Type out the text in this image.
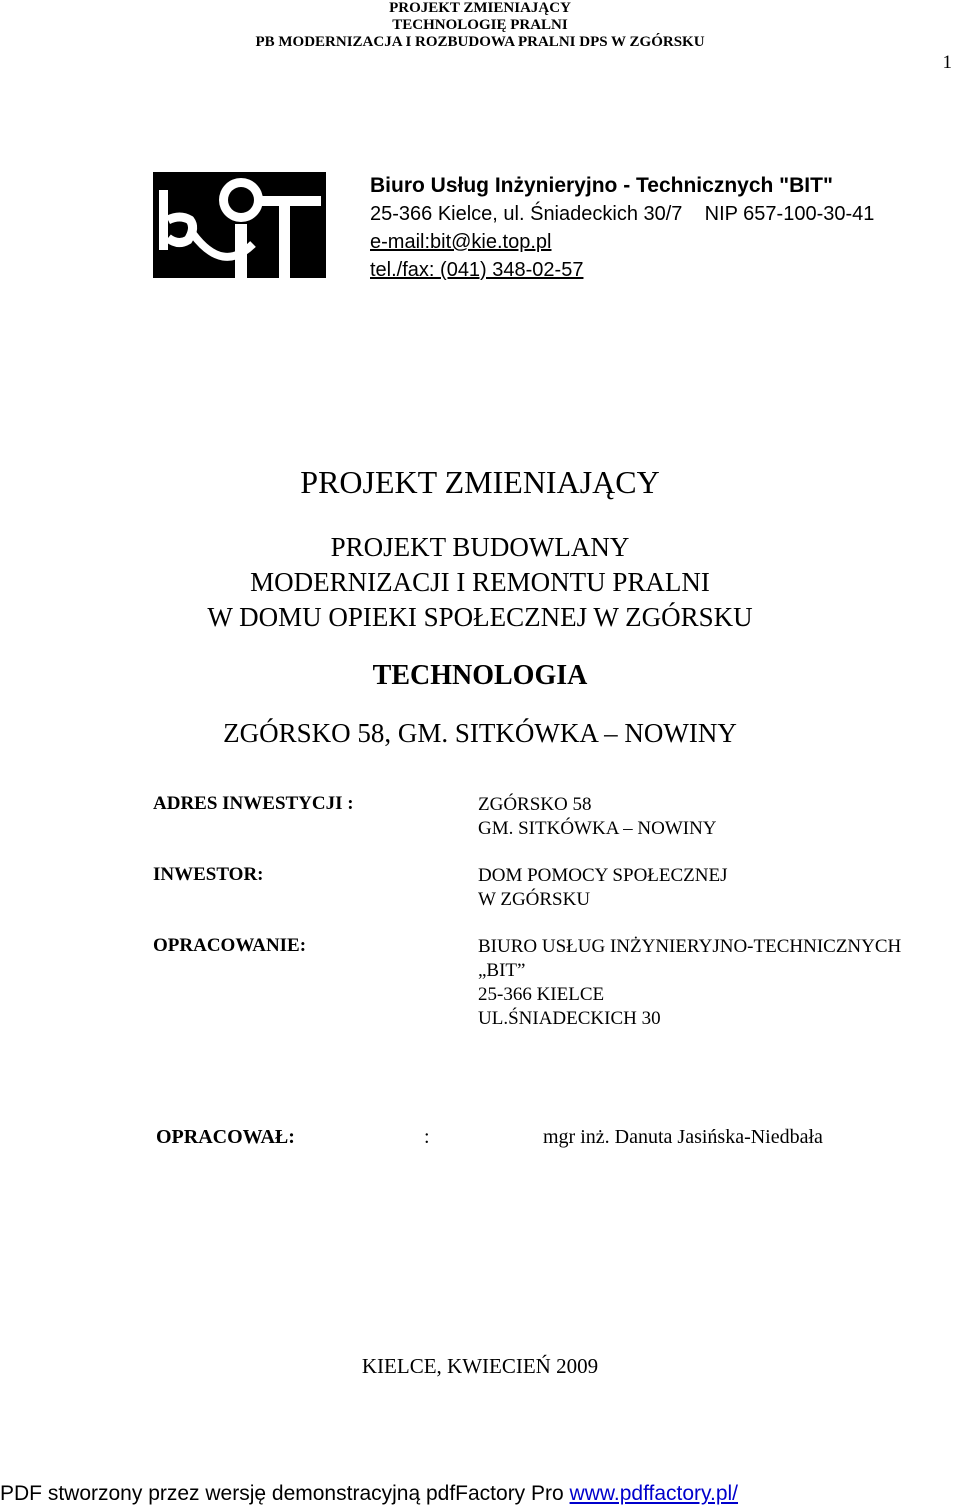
PROJEKT ZMIENIAJĄCY
TECHNOLOGIĘ PRALNI
PB MODERNIZACJA I ROZBUDOWA PRALNI DPS W ZGÓRSKU
1
Biuro Usług Inżynieryjno - Technicznych "BIT"
25-366 Kielce, ul. Śniadeckich 30/7    NIP 657-100-30-41
e-mail:bit@kie.top.pl
tel./fax: (041) 348-02-57
PROJEKT ZMIENIAJĄCY
PROJEKT BUDOWLANY
MODERNIZACJI I REMONTU PRALNI
W DOMU OPIEKI SPOŁECZNEJ W ZGÓRSKU
TECHNOLOGIA
ZGÓRSKO 58, GM. SITKÓWKA – NOWINY
ADRES INWESTYCJI :	ZGÓRSKO 58
GM. SITKÓWKA – NOWINY
INWESTOR:	DOM POMOCY SPOŁECZNEJ
W ZGÓRSKU
OPRACOWANIE:	BIURO USŁUG INŻYNIERYJNO-TECHNICZNYCH
„BIT”
25-366 KIELCE
UL.ŚNIADECKICH 30
OPRACOWAŁ:	:	mgr inż. Danuta Jasińska-Niedbała
KIELCE, KWIECIEŃ 2009
PDF stworzony przez wersję demonstracyjną pdfFactory Pro www.pdffactory.pl/
